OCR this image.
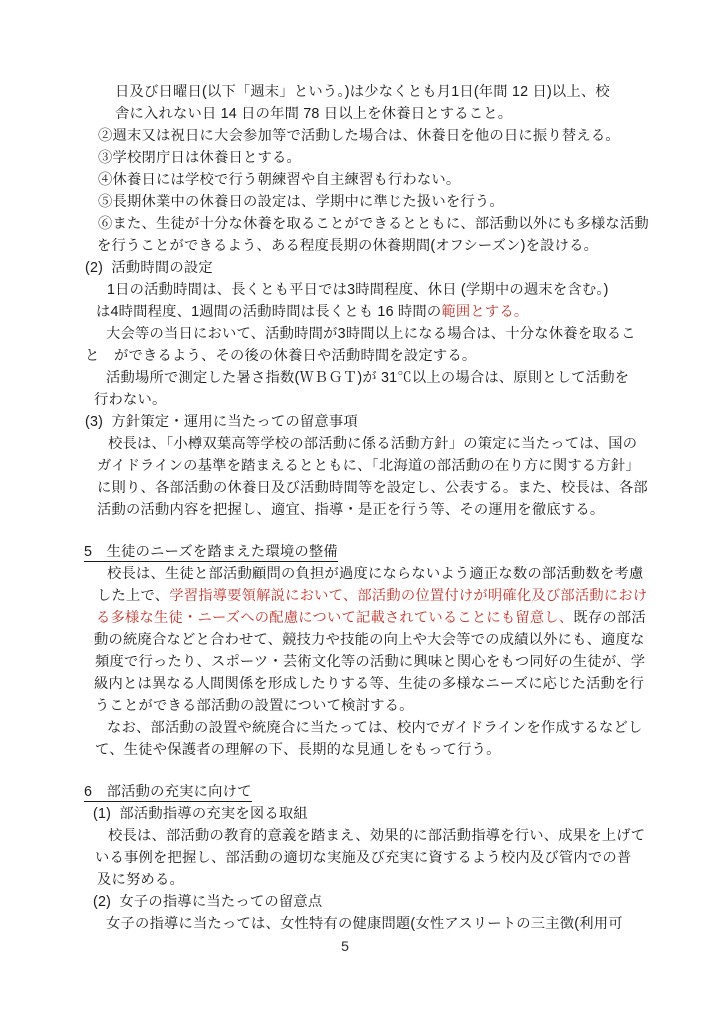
日及び日曜日(以下「週末」という。)は少なくとも月1日(年間 12 日)以上、校
舎に入れない日 14 日の年間 78 日以上を休養日とすること。
②週末又は祝日に大会参加等で活動した場合は、休養日を他の日に振り替える。
③学校閉庁日は休養日とする。
④休養日には学校で行う朝練習や自主練習も行わない。
⑤長期休業中の休養日の設定は、学期中に準じた扱いを行う。
⑥また、生徒が十分な休養を取ることができるとともに、部活動以外にも多様な活動
を行うことができるよう、ある程度長期の休養期間(オフシーズン)を設ける。
(2)  活動時間の設定
1日の活動時間は、長くとも平日では3時間程度、休日 (学期中の週末を含む。)
は4時間程度、1週間の活動時間は長くとも 16 時間の範囲とする。
大会等の当日において、活動時間が3時間以上になる場合は、十分な休養を取るこ
と　ができるよう、その後の休養日や活動時間を設定する。
活動場所で測定した暑さ指数(ＷＢＧＴ)が 31℃以上の場合は、原則として活動を
行わない。
(3)  方針策定・運用に当たっての留意事項
校長は、「小樽双葉高等学校の部活動に係る活動方針」の策定に当たっては、国の
ガイドラインの基準を踏まえるとともに、「北海道の部活動の在り方に関する方針」
に則り、各部活動の休養日及び活動時間等を設定し、公表する。また、校長は、各部
活動の活動内容を把握し、適宜、指導・是正を行う等、その運用を徹底する。
5　生徒のニーズを踏まえた環境の整備
校長は、生徒と部活動顧問の負担が過度にならないよう適正な数の部活動数を考慮
した上で、学習指導要領解説において、部活動の位置付けが明確化及び部活動におけ
る多様な生徒・ニーズへの配慮について記載されていることにも留意し、既存の部活
動の統廃合などと合わせて、競技力や技能の向上や大会等での成績以外にも、適度な
頻度で行ったり、スポーツ・芸術文化等の活動に興味と関心をもつ同好の生徒が、学
級内とは異なる人間関係を形成したりする等、生徒の多様なニーズに応じた活動を行
うことができる部活動の設置について検討する。
なお、部活動の設置や統廃合に当たっては、校内でガイドラインを作成するなどし
て、生徒や保護者の理解の下、長期的な見通しをもって行う。
6　部活動の充実に向けて
(1)  部活動指導の充実を図る取組
校長は、部活動の教育的意義を踏まえ、効果的に部活動指導を行い、成果を上げて
いる事例を把握し、部活動の適切な実施及び充実に資するよう校内及び管内での普
及に努める。
(2)  女子の指導に当たっての留意点
女子の指導に当たっては、女性特有の健康問題(女性アスリートの三主徴(利用可
5
